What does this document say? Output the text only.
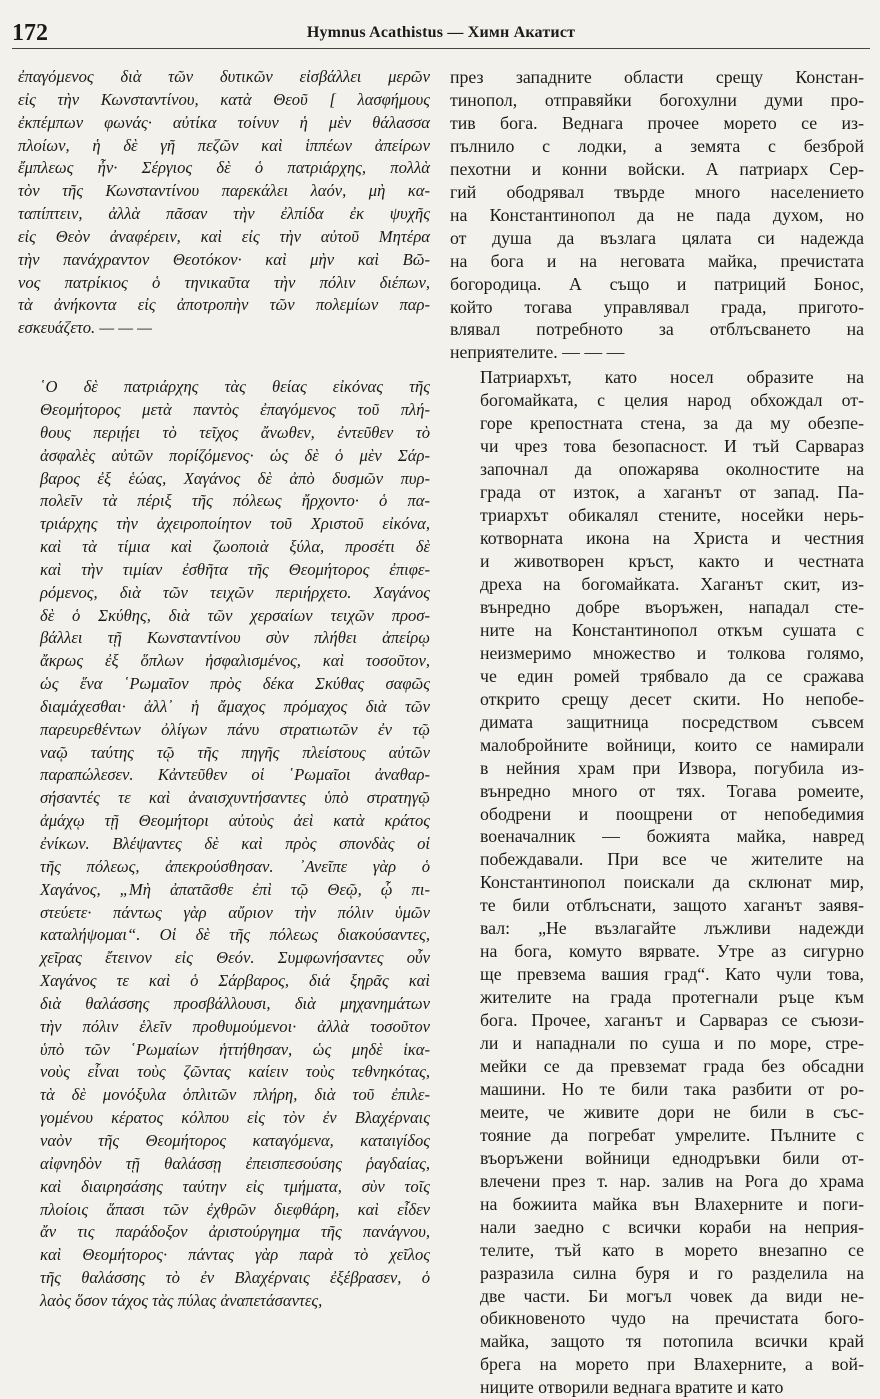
172	Hymnus Acathistus — Химн Акатист

ἐπαγόμενος διὰ τῶν δυτικῶν εἰσβάλλει μερῶν
εἰς τὴν Κωνσταντίνου, κατὰ Θεοῦ [ λασφήμους
ἐκπέμπων φωνάς· αὐτίκα τοίνυν ἡ μὲν θάλασσα
πλοίων, ἡ δὲ γῆ πεζῶν καὶ ἱππέων ἀπείρων
ἔμπλεως ἦν· Σέργιος δὲ ὁ πατριάρχης, πολλὰ
τὸν τῆς Κωνσταντίνου παρεκάλει λαόν, μὴ κα-
ταπίπτειν, ἀλλὰ πᾶσαν τὴν ἐλπίδα ἐκ ψυχῆς
εἰς Θεὸν ἀναφέρειν, καὶ εἰς τὴν αὐτοῦ Μητέρα
τὴν πανάχραντον Θεοτόκον· καὶ μὴν καὶ Βῶ-
νος πατρίκιος ὁ τηνικαῦτα τὴν πόλιν διέπων,
τὰ ἀνήκοντα εἰς ἀποτροπὴν τῶν πολεμίων παρ-
εσκευάζετο. — — —

῾Ο δὲ πατριάρχης τὰς θείας εἰκόνας τῆς
Θεομήτορος μετὰ παντὸς ἐπαγόμενος τοῦ πλή-
θους περιῄει τὸ τεῖχος ἄνωθεν, ἐντεῦθεν τὸ
ἀσφαλὲς αὐτῶν πορίζόμενος· ὡς δὲ ὁ μὲν Σάρ-
βαρος ἐξ ἑώας, Χαγάνος δὲ ἀπὸ δυσμῶν πυρ-
πολεῖν τὰ πέριξ τῆς πόλεως ἤρχοντο· ὁ πα-
τριάρχης τὴν ἀχειροποίητον τοῦ Χριστοῦ εἰκόνα,
καὶ τὰ τίμια καὶ ζωοποιὰ ξύλα, προσέτι δὲ
καὶ τὴν τιμίαν ἐσθῆτα τῆς Θεομήτορος ἐπιφε-
ρόμενος, διὰ τῶν τειχῶν περιήρχετο. Χαγάνος
δὲ ὁ Σκύθης, διὰ τῶν χερσαίων τειχῶν προσ-
βάλλει τῇ Κωνσταντίνου σὺν πλήθει ἀπείρῳ
ἄκρως ἐξ ὅπλων ἠσφαλισμένος, καὶ τοσοῦτον,
ὡς ἕνα ῾Ρωμαῖον πρὸς δέκα Σκύθας σαφῶς
διαμάχεσθαι· ἀλλ᾿ ἡ ἄμαχος πρόμαχος διὰ τῶν
παρευρεθέντων ὀλίγων πάνυ στρατιωτῶν ἐν τῷ
ναῷ ταύτης τῷ τῆς πηγῆς πλείστους αὐτῶν
παραπώλεσεν. Κἀντεῦθεν οἱ ῾Ρωμαῖοι ἀναθαρ-
σήσαντές τε καὶ ἀναισχυντήσαντες ὑπὸ στρατηγῷ
ἀμάχῳ τῇ Θεομήτορι αὐτοὺς ἀεὶ κατὰ κράτος
ἐνίκων. Βλέψαντες δὲ καὶ πρὸς σπονδὰς οἱ
τῆς πόλεως, ἀπεκρούσθησαν. ᾿Ανεῖπε γὰρ ὁ
Χαγάνος, „Μὴ ἀπατᾶσθε ἐπὶ τῷ Θεῷ, ᾧ πι-
στεύετε· πάντως γὰρ αὔριον τὴν πόλιν ὑμῶν
καταλήψομαι“. Οἱ δὲ τῆς πόλεως διακούσαντες,
χεῖρας ἔτεινον εἰς Θεόν. Συμφωνήσαντες οὖν
Χαγάνος τε καὶ ὁ Σάρβαρος, διά ξηρᾶς καὶ
διὰ θαλάσσης προσβάλλουσι, διὰ μηχανημάτων
τὴν πόλιν ἑλεῖν προθυμούμενοι· ἀλλὰ τοσοῦτον
ὑπὸ τῶν ῾Ρωμαίων ἡττήθησαν, ὡς μηδὲ ἱκα-
νοὺς εἶναι τοὺς ζῶντας καίειν τοὺς τεθνηκότας,
τὰ δὲ μονόξυλα ὁπλιτῶν πλήρη, διὰ τοῦ ἐπιλε-
γομένου κέρατος κόλπου εἰς τὸν ἐν Βλαχέρναις
ναὸν τῆς Θεομήτορος καταγόμενα, καταιγίδος
αἰφνηδὸν τῇ θαλάσσῃ ἐπεισπεσούσης ῥαγδαίας,
καὶ διαιρησάσης ταύτην εἰς τμήματα, σὺν τοῖς
πλοίοις ἅπασι τῶν ἐχθρῶν διεφθάρη, καὶ εἶδεν
ἄν τις παράδοξον ἀριστούργημα τῆς πανάγνου,
καὶ Θεομήτορος· πάντας γὰρ παρὰ τὸ χεῖλος
τῆς θαλάσσης τὸ ἐν Βλαχέρναις ἐξέβρασεν, ὁ
λαὸς ὅσον τάχος τὰς πύλας ἀναπετάσαντες,

през западните области срещу Констан-
тинопол, отправяйки богохулни думи про-
тив бога. Веднага прочее морето се из-
пълнило с лодки, а земята с безброй
пехотни и конни войски. А патриарх Сер-
гий ободрявал твърде много населението
на Константинопол да не пада духом, но
от душа да възлага цялата си надежда
на бога и на неговата майка, пречистата
богородица. А също и патриций Бонос,
който тогава управлявал града, пригото-
влявал потребното за отблъсването на
неприятелите. — — —

Патриархът, като носел образите на
богомайката, с целия народ обхождал от-
горе крепостната стена, за да му обезпе-
чи чрез това безопасност. И тъй Сарвараз
започнал да опожарява околностите на
града от изток, а хаганът от запад. Па-
триархът обикалял стените, носейки нерь-
котворната икона на Христа и честния
и животворен кръст, както и честната
дреха на богомайката. Хаганът скит, из-
вънредно добре въоръжен, нападал сте-
ните на Константинопол откъм сушата с
неизмеримо множество и толкова голямо,
че един ромей трябвало да се сражава
открито срещу десет скити. Но непобе-
димата защитница посредством съвсем
малобройните войници, които се намирали
в нейния храм при Извора, погубила из-
вънредно много от тях. Тогава ромеите,
ободрени и поощрени от непобедимия
военачалник — божията майка, навред
побеждавали. При все че жителите на
Константинопол поискали да склюнат мир,
те били отблъснати, защото хаганът заявя-
вал: „Не възлагайте лъжливи надежди
на бога, комуто вярвате. Утре аз сигурно
ще превзема вашия град“. Като чули това,
жителите на града протегнали ръце към
бога. Прочее, хаганът и Сарвараз се съюзи-
ли и нападнали по суша и по море, стре-
мейки се да превземат града без обсадни
машини. Но те били така разбити от ро-
меите, че живите дори не били в със-
тояние да погребат умрелите. Пълните с
въоръжени войници еднодръвки били от-
влечени през т. нар. залив на Рога до храма
на божиита майка вън Влахерните и поги-
нали заедно с всички кораби на неприя-
телите, тъй като в морето внезапно се
разразила силна буря и го разделила на
две части. Би могъл човек да види не-
обикновеното чудо на пречистата бого-
майка, защото тя потопила всички край
брега на морето при Влахерните, а вой-
ниците отворили веднага вратите и като
